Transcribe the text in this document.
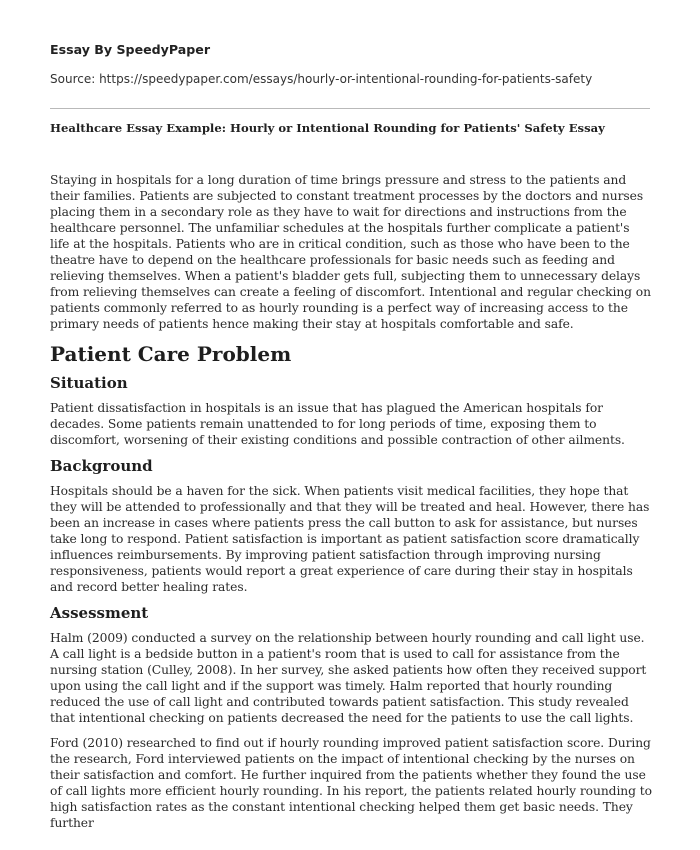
Essay By SpeedyPaper
Source: https://speedypaper.com/essays/hourly-or-intentional-rounding-for-patients-safety
Healthcare Essay Example: Hourly or Intentional Rounding for Patients' Safety Essay

Staying in hospitals for a long duration of time brings pressure and stress to the patients and their families. Patients are subjected to constant treatment processes by the doctors and nurses placing them in a secondary role as they have to wait for directions and instructions from the healthcare personnel. The unfamiliar schedules at the hospitals further complicate a patient's life at the hospitals. Patients who are in critical condition, such as those who have been to the theatre have to depend on the healthcare professionals for basic needs such as feeding and relieving themselves. When a patient's bladder gets full, subjecting them to unnecessary delays from relieving themselves can create a feeling of discomfort. Intentional and regular checking on patients commonly referred to as hourly rounding is a perfect way of increasing access to the primary needs of patients hence making their stay at hospitals comfortable and safe.

Patient Care Problem
Situation

Patient dissatisfaction in hospitals is an issue that has plagued the American hospitals for decades. Some patients remain unattended to for long periods of time, exposing them to discomfort, worsening of their existing conditions and possible contraction of other ailments.

Background

Hospitals should be a haven for the sick. When patients visit medical facilities, they hope that they will be attended to professionally and that they will be treated and heal. However, there has been an increase in cases where patients press the call button to ask for assistance, but nurses take long to respond. Patient satisfaction is important as patient satisfaction score dramatically influences reimbursements. By improving patient satisfaction through improving nursing responsiveness, patients would report a great experience of care during their stay in hospitals and record better healing rates.

Assessment

Halm (2009) conducted a survey on the relationship between hourly rounding and call light use. A call light is a bedside button in a patient's room that is used to call for assistance from the nursing station (Culley, 2008). In her survey, she asked patients how often they received support upon using the call light and if the support was timely. Halm reported that hourly rounding reduced the use of call light and contributed towards patient satisfaction. This study revealed that intentional checking on patients decreased the need for the patients to use the call lights.

Ford (2010) researched to find out if hourly rounding improved patient satisfaction score. During the research, Ford interviewed patients on the impact of intentional checking by the nurses on their satisfaction and comfort. He further inquired from the patients whether they found the use of call lights more efficient hourly rounding. In his report, the patients related hourly rounding to high satisfaction rates as the constant intentional checking helped them get basic needs. They further
